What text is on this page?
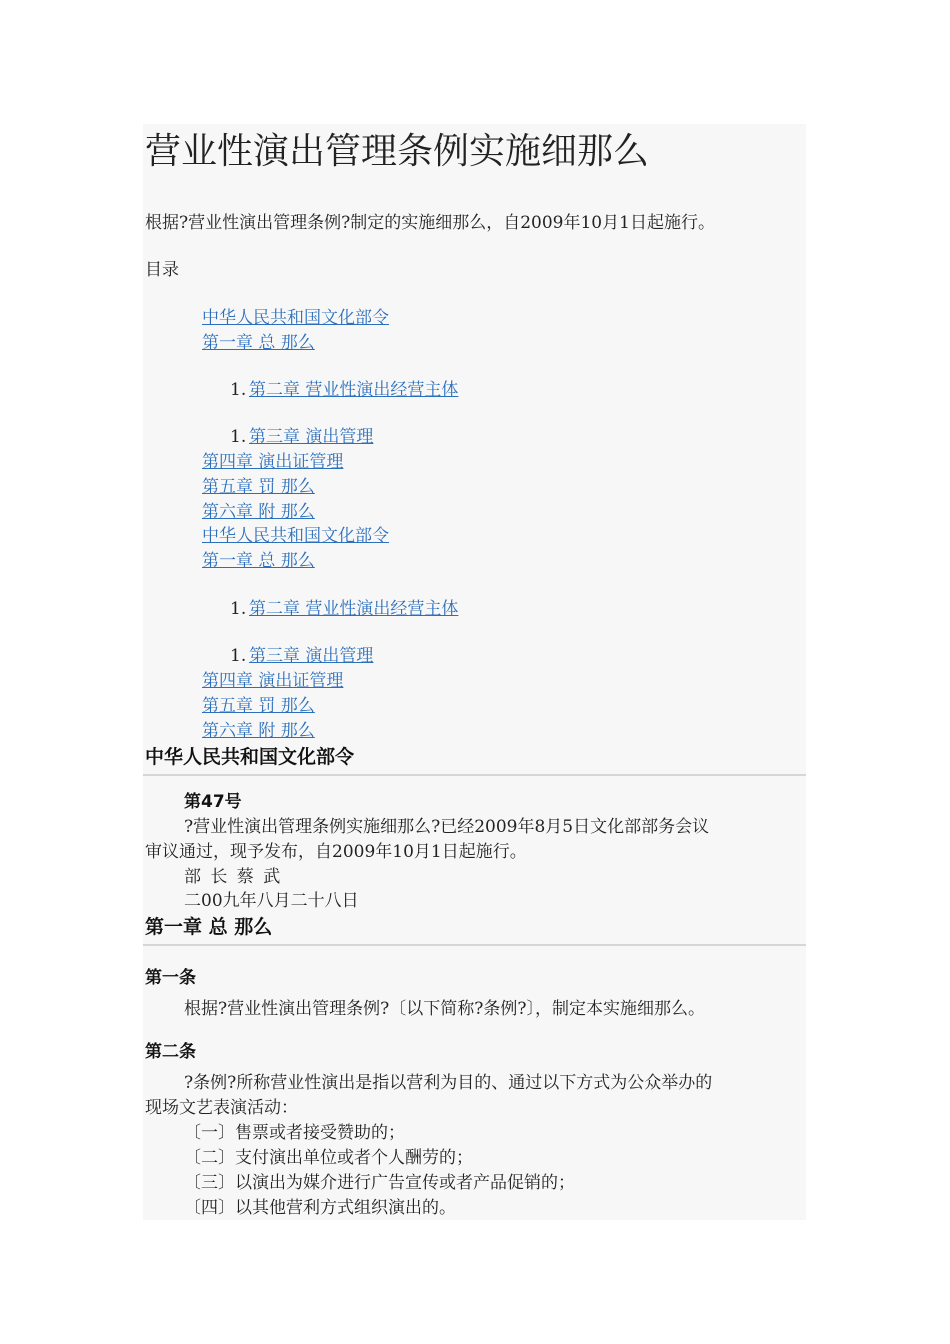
营业性演出管理条例实施细那么
根据?营业性演出管理条例?制定的实施细那么，自2009年10月1日起施行。
目录
中华人民共和国文化部令
第一章 总 那么
1. 第二章 营业性演出经营主体
1. 第三章 演出管理
第四章 演出证管理
第五章 罚 那么
第六章 附 那么
中华人民共和国文化部令
第一章 总 那么
1. 第二章 营业性演出经营主体
1. 第三章 演出管理
第四章 演出证管理
第五章 罚 那么
第六章 附 那么
中华人民共和国文化部令
第47号
?营业性演出管理条例实施细那么?已经2009年8月5日文化部部务会议
审议通过，现予发布，自2009年10月1日起施行。
部 长 蔡 武
二00九年八月二十八日
第一章 总 那么
第一条
根据?营业性演出管理条例?〔以下简称?条例?〕，制定本实施细那么。
第二条
?条例?所称营业性演出是指以营利为目的、通过以下方式为公众举办的
现场文艺表演活动：
〔一〕售票或者接受赞助的；
〔二〕支付演出单位或者个人酬劳的；
〔三〕以演出为媒介进行广告宣传或者产品促销的；
〔四〕以其他营利方式组织演出的。
